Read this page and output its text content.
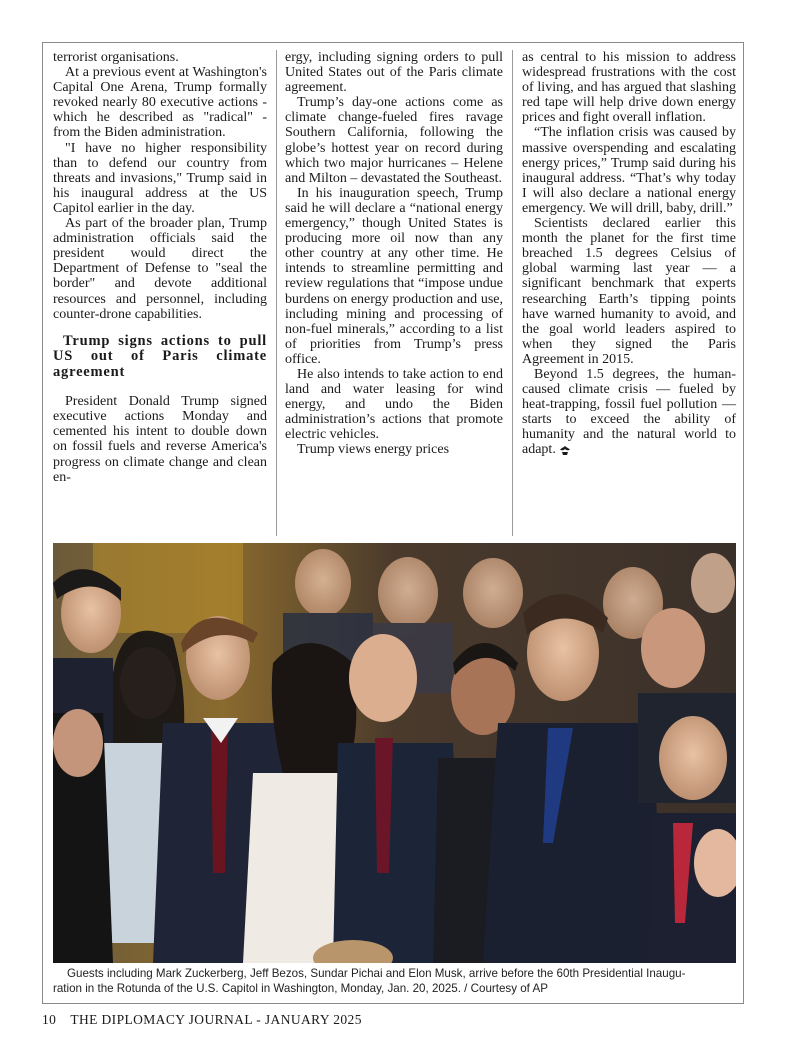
terrorist organisations.

At a previous event at Washington's Capital One Arena, Trump formally revoked nearly 80 executive actions - which he described as "radical" - from the Biden administration.

"I have no higher responsibility than to defend our country from threats and invasions," Trump said in his inaugural address at the US Capitol earlier in the day.

As part of the broader plan, Trump administration officials said the president would direct the Department of Defense to "seal the border" and devote additional resources and personnel, including counter-drone capabilities.

Trump signs actions to pull US out of Paris climate agreement

President Donald Trump signed executive actions Monday and cemented his intent to double down on fossil fuels and reverse America's progress on climate change and clean en-

ergy, including signing orders to pull United States out of the Paris climate agreement.

Trump’s day-one actions come as climate change-fueled fires ravage Southern California, following the globe’s hottest year on record during which two major hurricanes – Helene and Milton – devastated the Southeast.

In his inauguration speech, Trump said he will declare a “national energy emergency,” though United States is producing more oil now than any other country at any other time. He intends to streamline permitting and review regulations that “impose undue burdens on energy production and use, including mining and processing of non-fuel minerals,” according to a list of priorities from Trump’s press office.

He also intends to take action to end land and water leasing for wind energy, and undo the Biden administration’s actions that promote electric vehicles.

Trump views energy prices

as central to his mission to address widespread frustrations with the cost of living, and has argued that slashing red tape will help drive down energy prices and fight overall inflation.

“The inflation crisis was caused by massive overspending and escalating energy prices,” Trump said during his inaugural address. “That’s why today I will also declare a national energy emergency. We will drill, baby, drill.”

Scientists declared earlier this month the planet for the first time breached 1.5 degrees Celsius of global warming last year — a significant benchmark that experts researching Earth’s tipping points have warned humanity to avoid, and the goal world leaders aspired to when they signed the Paris Agreement in 2015.

Beyond 1.5 degrees, the human-caused climate crisis — fueled by heat-trapping, fossil fuel pollution — starts to exceed the ability of humanity and the natural world to adapt.

Guests including Mark Zuckerberg, Jeff Bezos, Sundar Pichai and Elon Musk, arrive before the 60th Presidential Inaugu-
ration in the Rotunda of the U.S. Capitol in Washington, Monday, Jan. 20, 2025. / Courtesy of AP
10 THE DIPLOMACY JOURNAL - JANUARY 2025
